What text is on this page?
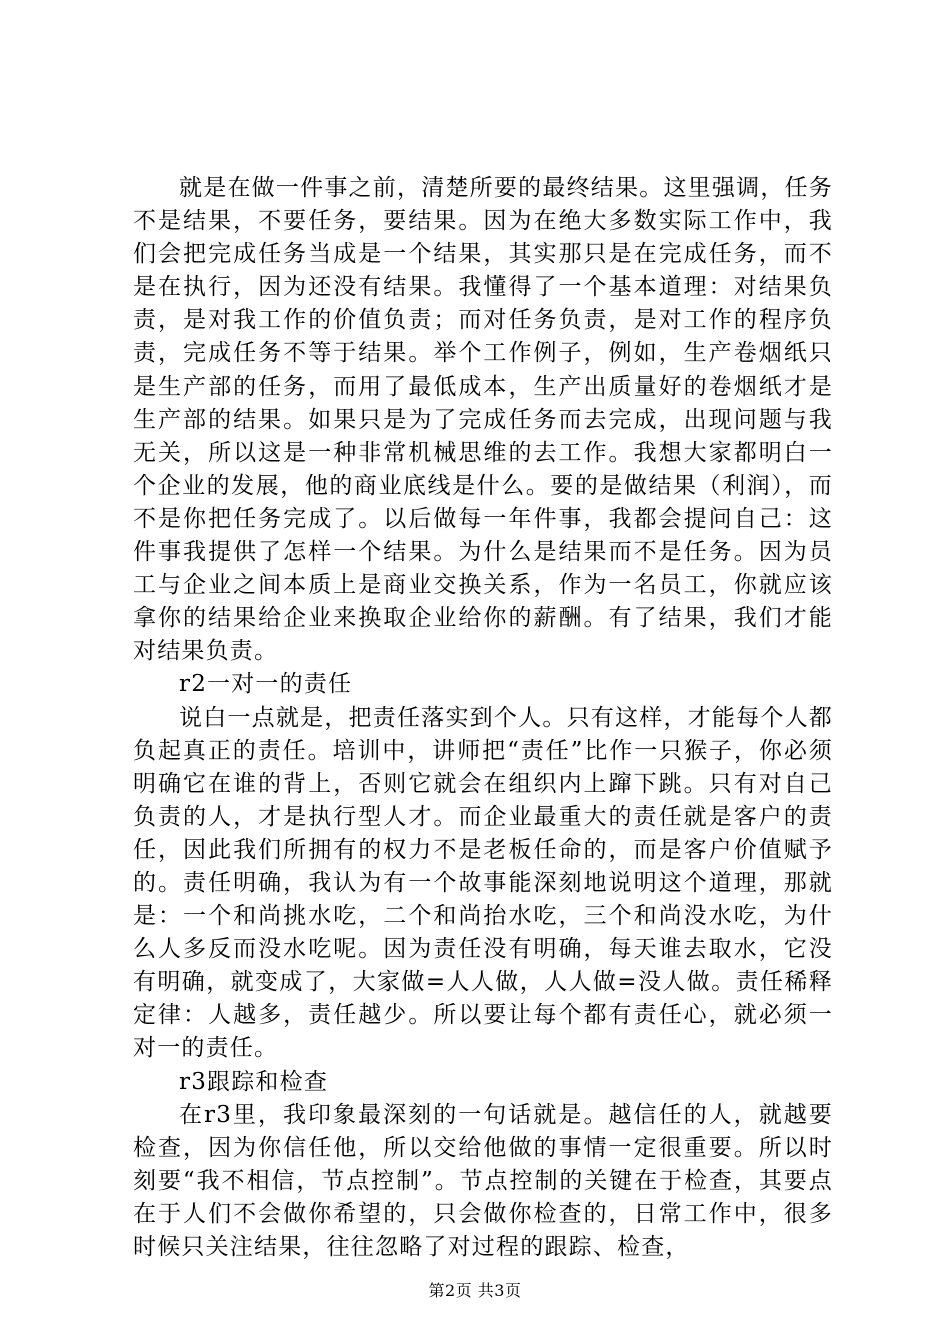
就是在做一件事之前，清楚所要的最终结果。这里强调，任务不是结果，不要任务，要结果。因为在绝大多数实际工作中，我们会把完成任务当成是一个结果，其实那只是在完成任务，而不是在执行，因为还没有结果。我懂得了一个基本道理：对结果负责，是对我工作的价值负责；而对任务负责，是对工作的程序负责，完成任务不等于结果。举个工作例子，例如，生产卷烟纸只是生产部的任务，而用了最低成本，生产出质量好的卷烟纸才是生产部的结果。如果只是为了完成任务而去完成，出现问题与我无关，所以这是一种非常机械思维的去工作。我想大家都明白一个企业的发展，他的商业底线是什么。要的是做结果（利润），而不是你把任务完成了。以后做每一年件事，我都会提问自己：这件事我提供了怎样一个结果。为什么是结果而不是任务。因为员工与企业之间本质上是商业交换关系，作为一名员工，你就应该拿你的结果给企业来换取企业给你的薪酬。有了结果，我们才能对结果负责。

r2一对一的责任

说白一点就是，把责任落实到个人。只有这样，才能每个人都负起真正的责任。培训中，讲师把“责任”比作一只猴子，你必须明确它在谁的背上，否则它就会在组织内上蹿下跳。只有对自己负责的人，才是执行型人才。而企业最重大的责任就是客户的责任，因此我们所拥有的权力不是老板任命的，而是客户价值赋予的。责任明确，我认为有一个故事能深刻地说明这个道理，那就是：一个和尚挑水吃，二个和尚抬水吃，三个和尚没水吃，为什么人多反而没水吃呢。因为责任没有明确，每天谁去取水，它没有明确，就变成了，大家做=人人做，人人做=没人做。责任稀释定律：人越多，责任越少。所以要让每个都有责任心，就必须一对一的责任。

r3跟踪和检查

在r3里，我印象最深刻的一句话就是。越信任的人，就越要检查，因为你信任他，所以交给他做的事情一定很重要。所以时刻要“我不相信，节点控制”。节点控制的关键在于检查，其要点在于人们不会做你希望的，只会做你检查的，日常工作中，很多时候只关注结果，往往忽略了对过程的跟踪、检查，

第2页 共3页
